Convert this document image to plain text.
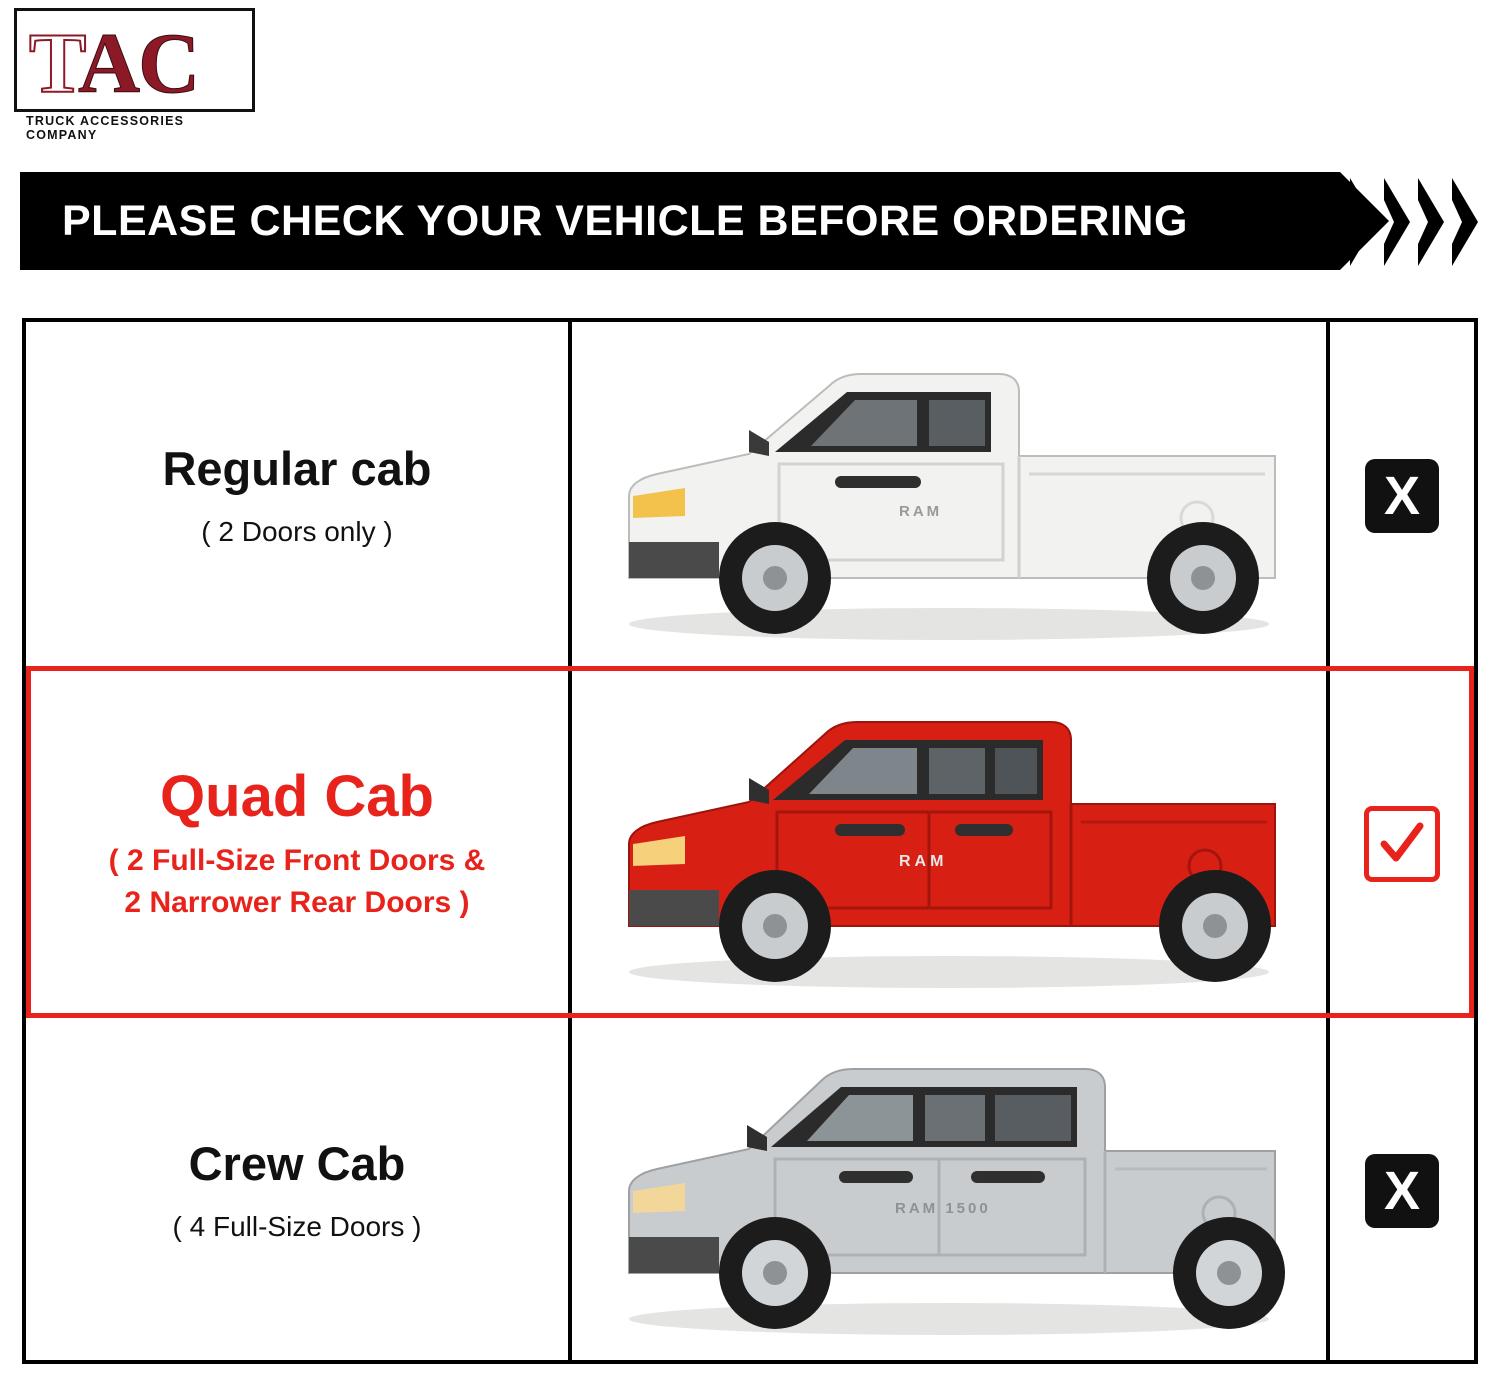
TAC
TRUCK ACCESSORIES COMPANY
PLEASE CHECK YOUR VEHICLE BEFORE ORDERING
Regular cab
( 2 Doors only )
RAM	X
Quad Cab
( 2 Full-Size Front Doors &
2 Narrower Rear Doors )
RAM
Crew Cab
( 4 Full-Size Doors )
RAM 1500	X
